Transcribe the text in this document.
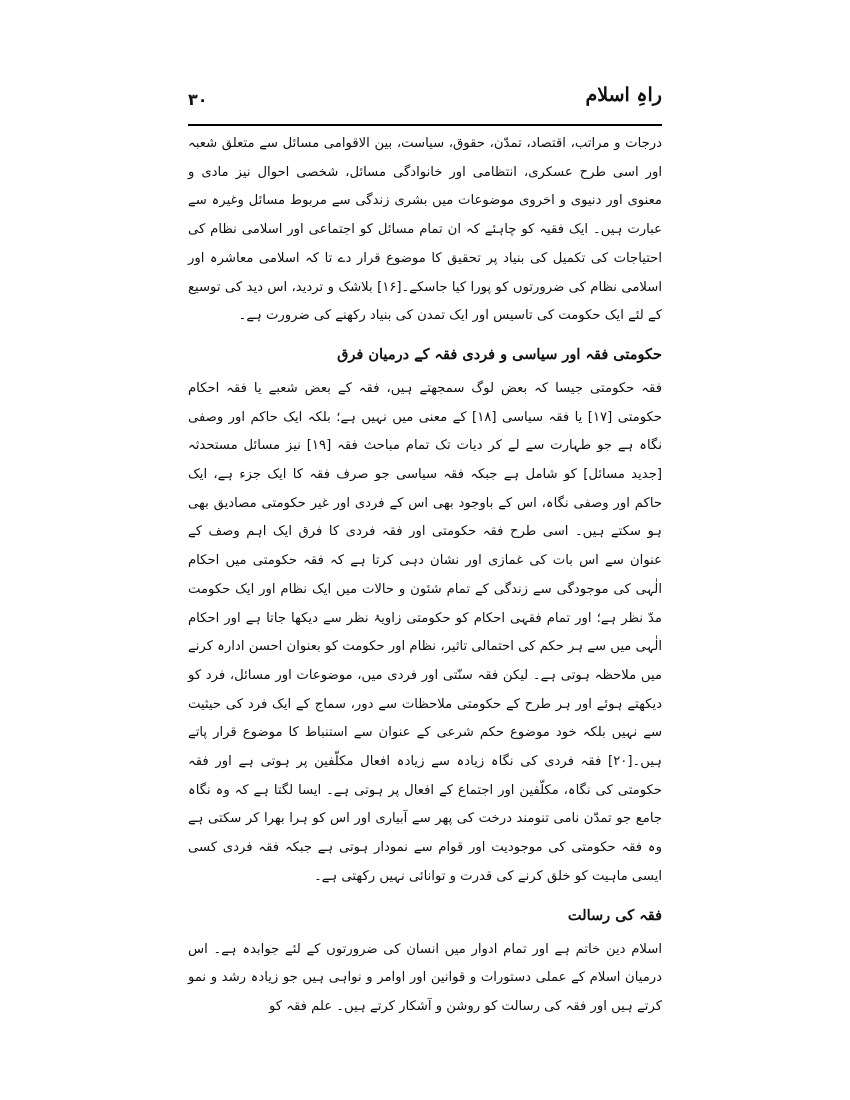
۳۰	راہِ اسلام

درجات و مراتب، اقتصاد، تمدّن، حقوق، سیاست، بین الاقوامی مسائل سے متعلق شعبہ اور اسی طرح عسکری، انتظامی اور خانوادگی مسائل، شخصی احوال نیز مادی و معنوی اور دنیوی و اخروی موضوعات میں بشری زندگی سے مربوط مسائل وغیرہ سے عبارت ہیں۔ ایک فقیہ کو چاہئے کہ ان تمام مسائل کو اجتماعی اور اسلامی نظام کی احتیاجات کی تکمیل کی بنیاد پر تحقیق کا موضوع قرار دے تا کہ اسلامی معاشرہ اور اسلامی نظام کی ضرورتوں کو پورا کیا جاسکے۔[۱۶] بلاشک و تردید، اس دید کی توسیع کے لئے ایک حکومت کی تاسیس اور ایک تمدن کی بنیاد رکھنے کی ضرورت ہے۔

حکومتی فقہ اور سیاسی و فردی فقہ کے درمیان فرق

فقہ حکومتی جیسا کہ بعض لوگ سمجھتے ہیں، فقہ کے بعض شعبے یا فقہ احکام حکومتی [۱۷] یا فقہ سیاسی [۱۸] کے معنی میں نہیں ہے؛ بلکہ ایک حاکم اور وصفی نگاہ ہے جو طہارت سے لے کر دیات تک تمام مباحث فقہ [۱۹] نیز مسائل مستحدثہ [جدید مسائل] کو شامل ہے جبکہ فقہ سیاسی جو صرف فقہ کا ایک جزء ہے، ایک حاکم اور وصفی نگاہ، اس کے باوجود بھی اس کے فردی اور غیر حکومتی مصادیق بھی ہو سکتے ہیں۔ اسی طرح فقہ حکومتی اور فقہ فردی کا فرق ایک اہم وصف کے عنوان سے اس بات کی غمازی اور نشان دہی کرتا ہے کہ فقہ حکومتی میں احکام الٰہی کی موجودگی سے زندگی کے تمام شئون و حالات میں ایک نظام اور ایک حکومت مدّ نظر ہے؛ اور تمام فقہی احکام کو حکومتی زاویۂ نظر سے دیکھا جاتا ہے اور احکام الٰہی میں سے ہر حکم کی احتمالی تاثیر، نظام اور حکومت کو بعنوان احسن ادارہ کرنے میں ملاحظہ ہوتی ہے۔ لیکن فقہ سنّتی اور فردی میں، موضوعات اور مسائل، فرد کو دیکھتے ہوئے اور ہر طرح کے حکومتی ملاحظات سے دور، سماج کے ایک فرد کی حیثیت سے نہیں بلکہ خود موضوع حکم شرعی کے عنوان سے استنباط کا موضوع قرار پاتے ہیں۔[۲۰] فقہ فردی کی نگاہ زیادہ سے زیادہ افعال مکلّفین پر ہوتی ہے اور فقہ حکومتی کی نگاہ، مکلّفین اور اجتماع کے افعال پر ہوتی ہے۔ ایسا لگتا ہے کہ وہ نگاہ جامع جو تمدّن نامی تنومند درخت کی پھر سے آبیاری اور اس کو ہرا بھرا کر سکتی ہے وہ فقہ حکومتی کی موجودیت اور قوام سے نمودار ہوتی ہے جبکہ فقہ فردی کسی ایسی ماہیت کو خلق کرنے کی قدرت و توانائی نہیں رکھتی ہے۔

فقہ کی رسالت

اسلام دین خاتم ہے اور تمام ادوار میں انسان کی ضرورتوں کے لئے جوابدہ ہے۔ اس درمیان اسلام کے عملی دستورات و قوانین اور اوامر و نواہی ہیں جو زیادہ رشد و نمو کرتے ہیں اور فقہ کی رسالت کو روشن و آشکار کرتے ہیں۔ علم فقہ کو
